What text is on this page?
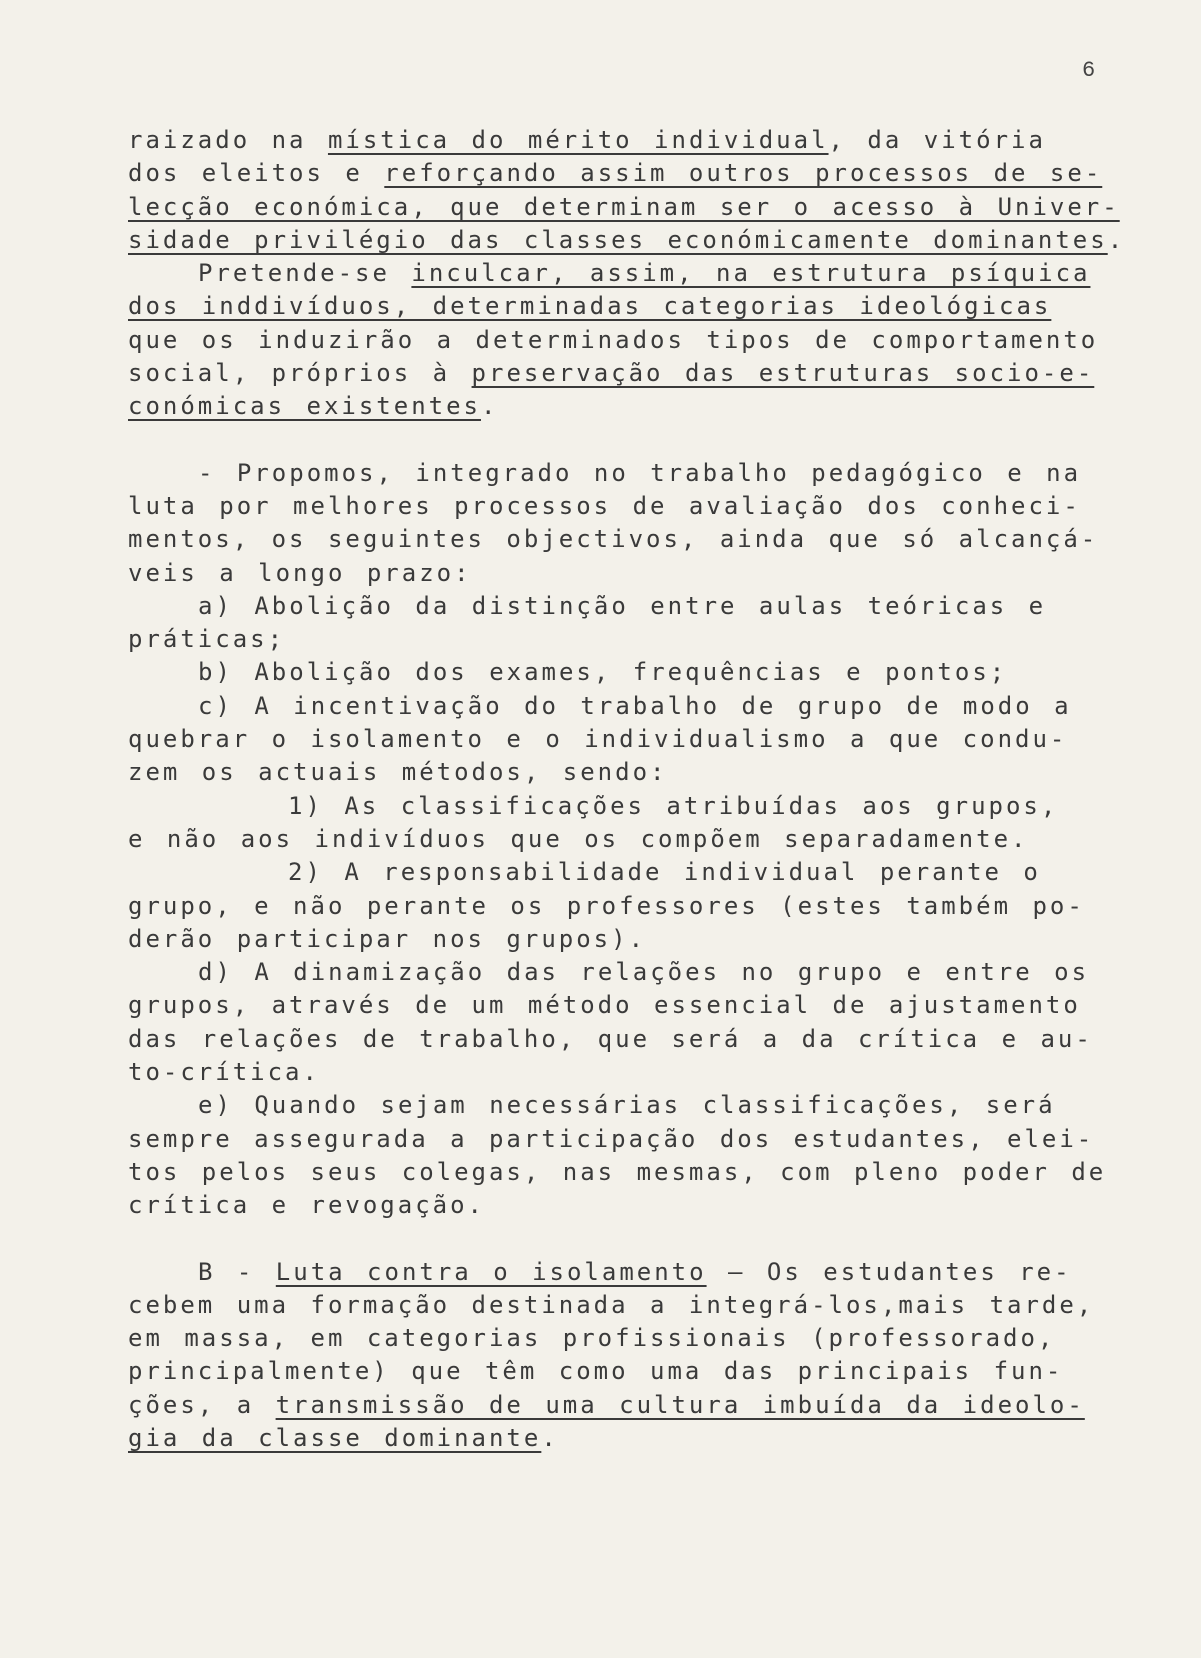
6
raizado na mística do mérito individual, da vitória
dos eleitos e reforçando assim outros processos de se-
lecção económica, que determinam ser o acesso à Univer-
sidade privilégio das classes económicamente dominantes.
Pretende-se inculcar, assim, na estrutura psíquica
dos inddivíduos, determinadas categorias ideológicas
que os induzirão a determinados tipos de comportamento
social, próprios à preservação das estruturas socio-e-
conómicas existentes.
- Propomos, integrado no trabalho pedagógico e na
luta por melhores processos de avaliação dos conheci-
mentos, os seguintes objectivos, ainda que só alcançá-
veis a longo prazo:
a) Abolição da distinção entre aulas teóricas e
práticas;
b) Abolição dos exames, frequências e pontos;
c) A incentivação do trabalho de grupo de modo a
quebrar o isolamento e o individualismo a que condu-
zem os actuais métodos, sendo:
1) As classificações atribuídas aos grupos,
e não aos indivíduos que os compõem separadamente.
2) A responsabilidade individual perante o
grupo, e não perante os professores (estes também po-
derão participar nos grupos).
d) A dinamização das relações no grupo e entre os
grupos, através de um método essencial de ajustamento
das relações de trabalho, que será a da crítica e au-
to-crítica.
e) Quando sejam necessárias classificações, será
sempre assegurada a participação dos estudantes, elei-
tos pelos seus colegas, nas mesmas, com pleno poder de
crítica e revogação.
B - Luta contra o isolamento — Os estudantes re-
cebem uma formação destinada a integrá-los,mais tarde,
em massa, em categorias profissionais (professorado,
principalmente) que têm como uma das principais fun-
ções, a transmissão de uma cultura imbuída da ideolo-
gia da classe dominante.
